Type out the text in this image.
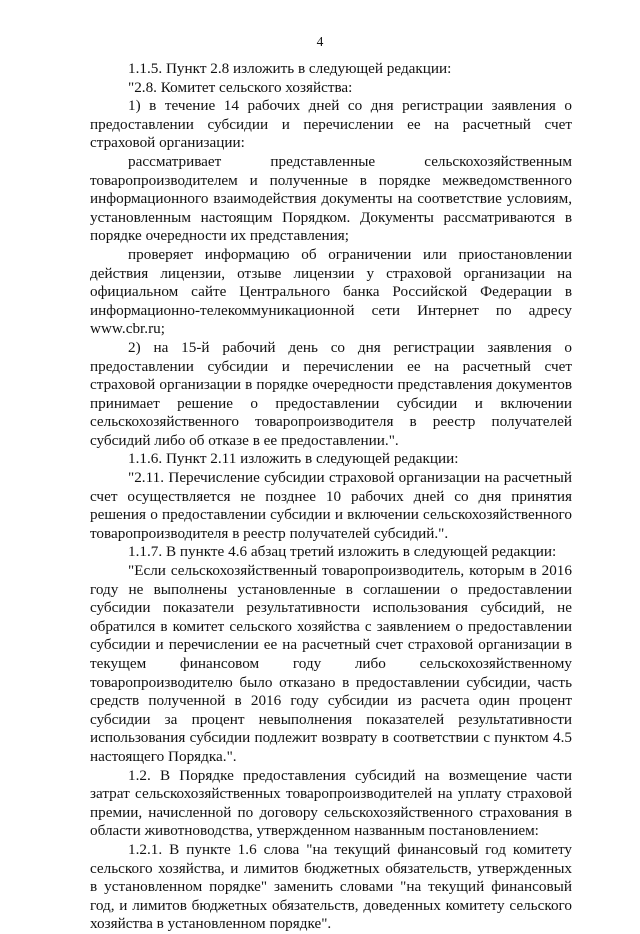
4

1.1.5. Пункт 2.8 изложить в следующей редакции:

"2.8. Комитет сельского хозяйства:

1) в течение 14 рабочих дней со дня регистрации заявления о предоставлении субсидии и перечислении ее на расчетный счет страховой организации:

рассматривает представленные сельскохозяйственным товаропроизводителем и полученные в порядке межведомственного информационного взаимодействия документы на соответствие условиям, установленным настоящим Порядком. Документы рассматриваются в порядке очередности их представления;

проверяет информацию об ограничении или приостановлении действия лицензии, отзыве лицензии у страховой организации на официальном сайте Центрального банка Российской Федерации в информационно-телекоммуникационной сети Интернет по адресу www.cbr.ru;

2) на 15-й рабочий день со дня регистрации заявления о предоставлении субсидии и перечислении ее на расчетный счет страховой организации в порядке очередности представления документов принимает решение о предоставлении субсидии и включении сельскохозяйственного товаропроизводителя в реестр получателей субсидий либо об отказе в ее предоставлении.".

1.1.6. Пункт 2.11 изложить в следующей редакции:

"2.11. Перечисление субсидии страховой организации на расчетный счет осуществляется не позднее 10 рабочих дней со дня принятия решения о предоставлении субсидии и включении сельскохозяйственного товаропроизводителя в реестр получателей субсидий.".

1.1.7. В пункте 4.6 абзац третий изложить в следующей редакции:

"Если сельскохозяйственный товаропроизводитель, которым в 2016 году не выполнены установленные в соглашении о предоставлении субсидии показатели результативности использования субсидий, не обратился в комитет сельского хозяйства с заявлением о предоставлении субсидии и перечислении ее на расчетный счет страховой организации в текущем финансовом году либо сельскохозяйственному товаропроизводителю было отказано в предоставлении субсидии, часть средств полученной в 2016 году субсидии из расчета один процент субсидии за процент невыполнения показателей результативности использования субсидии подлежит возврату в соответствии с пунктом 4.5 настоящего Порядка.".

1.2. В Порядке предоставления субсидий на возмещение части затрат сельскохозяйственных товаропроизводителей на уплату страховой премии, начисленной по договору сельскохозяйственного страхования в области животноводства, утвержденном названным постановлением:

1.2.1. В пункте 1.6 слова "на текущий финансовый год комитету сельского хозяйства, и лимитов бюджетных обязательств, утвержденных в установленном порядке" заменить словами "на текущий финансовый год, и лимитов бюджетных обязательств, доведенных комитету сельского хозяйства в установленном порядке".
